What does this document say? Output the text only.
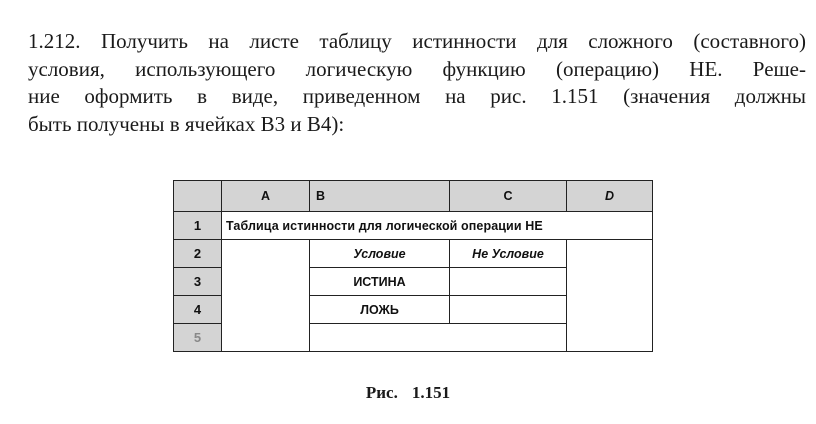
1.212. Получить на листе таблицу истинности для сложного (составного)
условия, использующего логическую функцию (операцию) НЕ. Реше-
ние оформить в виде, приведенном на рис. 1.151 (значения должны
быть получены в ячейках B3 и B4):

	A	B	C	D
1	Таблица истинности для логической операции НЕ			
2		Условие	Не Условие	
3		ИСТИНА		
4		ЛОЖЬ		
5				
Рис. 1.151
